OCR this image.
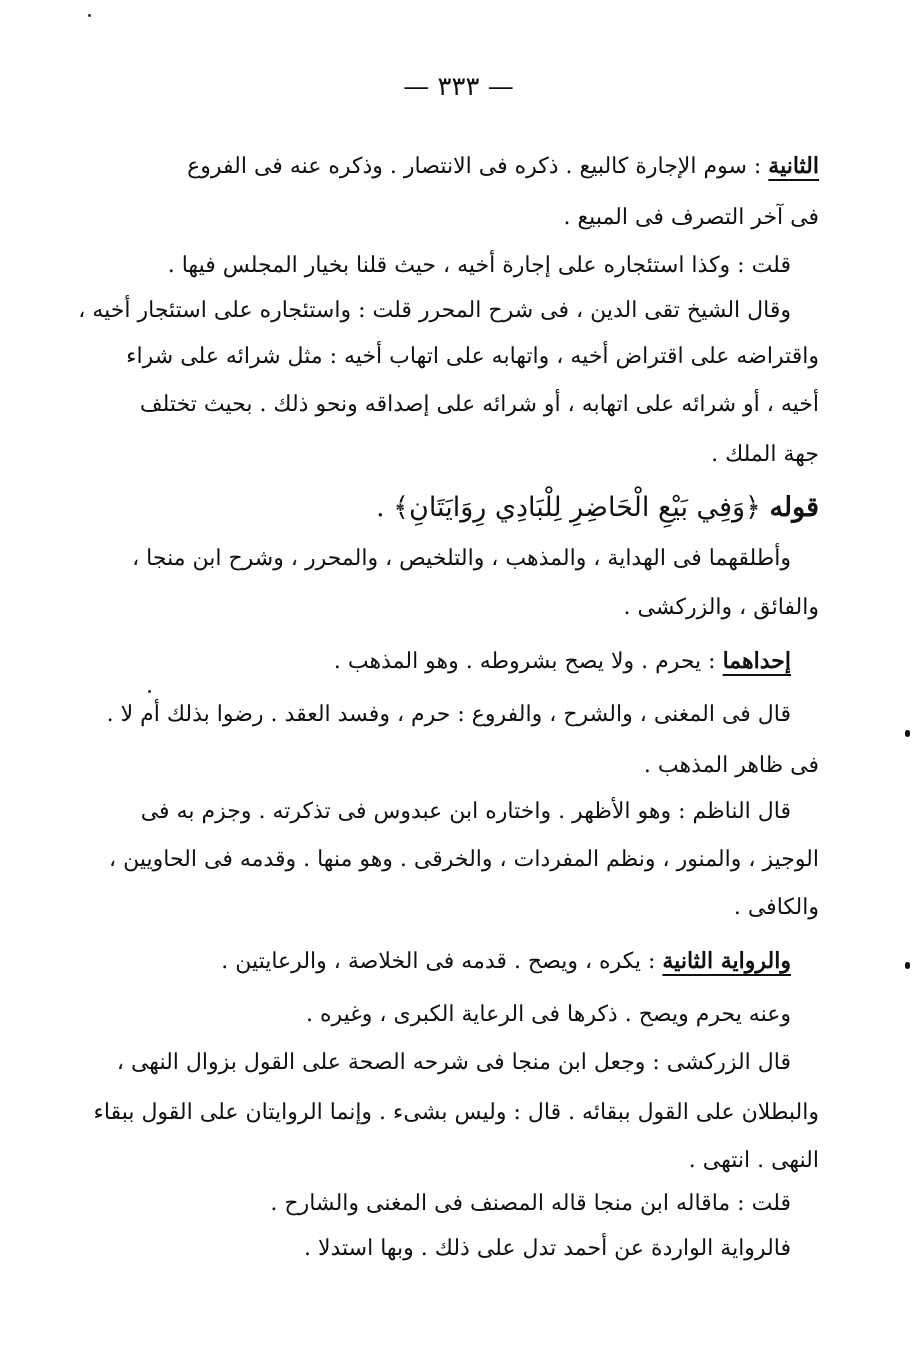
— ٣٣٣ —
الثانية : سوم الإجارة كالبيع . ذكره فى الانتصار . وذكره عنه فى الفروع
فى آخر التصرف فى المبيع .
قلت : وكذا استئجاره على إجارة أخيه ، حيث قلنا بخيار المجلس فيها .
وقال الشيخ تقى الدين ، فى شرح المحرر قلت : واستئجاره على استئجار أخيه ،
واقتراضه على اقتراض أخيه ، واتهابه على اتهاب أخيه : مثل شرائه على شراء
أخيه ، أو شرائه على اتهابه ، أو شرائه على إصداقه ونحو ذلك . بحيث تختلف
جهة الملك .
قوله ﴿وَفِي بَيْعِ الْحَاضِرِ لِلْبَادِي رِوَايَتَانِ﴾ .
وأطلقهما فى الهداية ، والمذهب ، والتلخيص ، والمحرر ، وشرح ابن منجا ،
والفائق ، والزركشى .
إحداهما : يحرم . ولا يصح بشروطه . وهو المذهب .
قال فى المغنى ، والشرح ، والفروع : حرم ، وفسد العقد . رضوا بذلك أم لا .
فى ظاهر المذهب .
قال الناظم : وهو الأظهر . واختاره ابن عبدوس فى تذكرته . وجزم به فى
الوجيز ، والمنور ، ونظم المفردات ، والخرقى . وهو منها . وقدمه فى الحاويين ،
والكافى .
والرواية الثانية : يكره ، ويصح . قدمه فى الخلاصة ، والرعايتين .
وعنه يحرم ويصح . ذكرها فى الرعاية الكبرى ، وغيره .
قال الزركشى : وجعل ابن منجا فى شرحه الصحة على القول بزوال النهى ،
والبطلان على القول ببقائه . قال : وليس بشىء . وإنما الروايتان على القول ببقاء
النهى . انتهى .
قلت : ماقاله ابن منجا قاله المصنف فى المغنى والشارح .
فالرواية الواردة عن أحمد تدل على ذلك . وبها استدلا .
